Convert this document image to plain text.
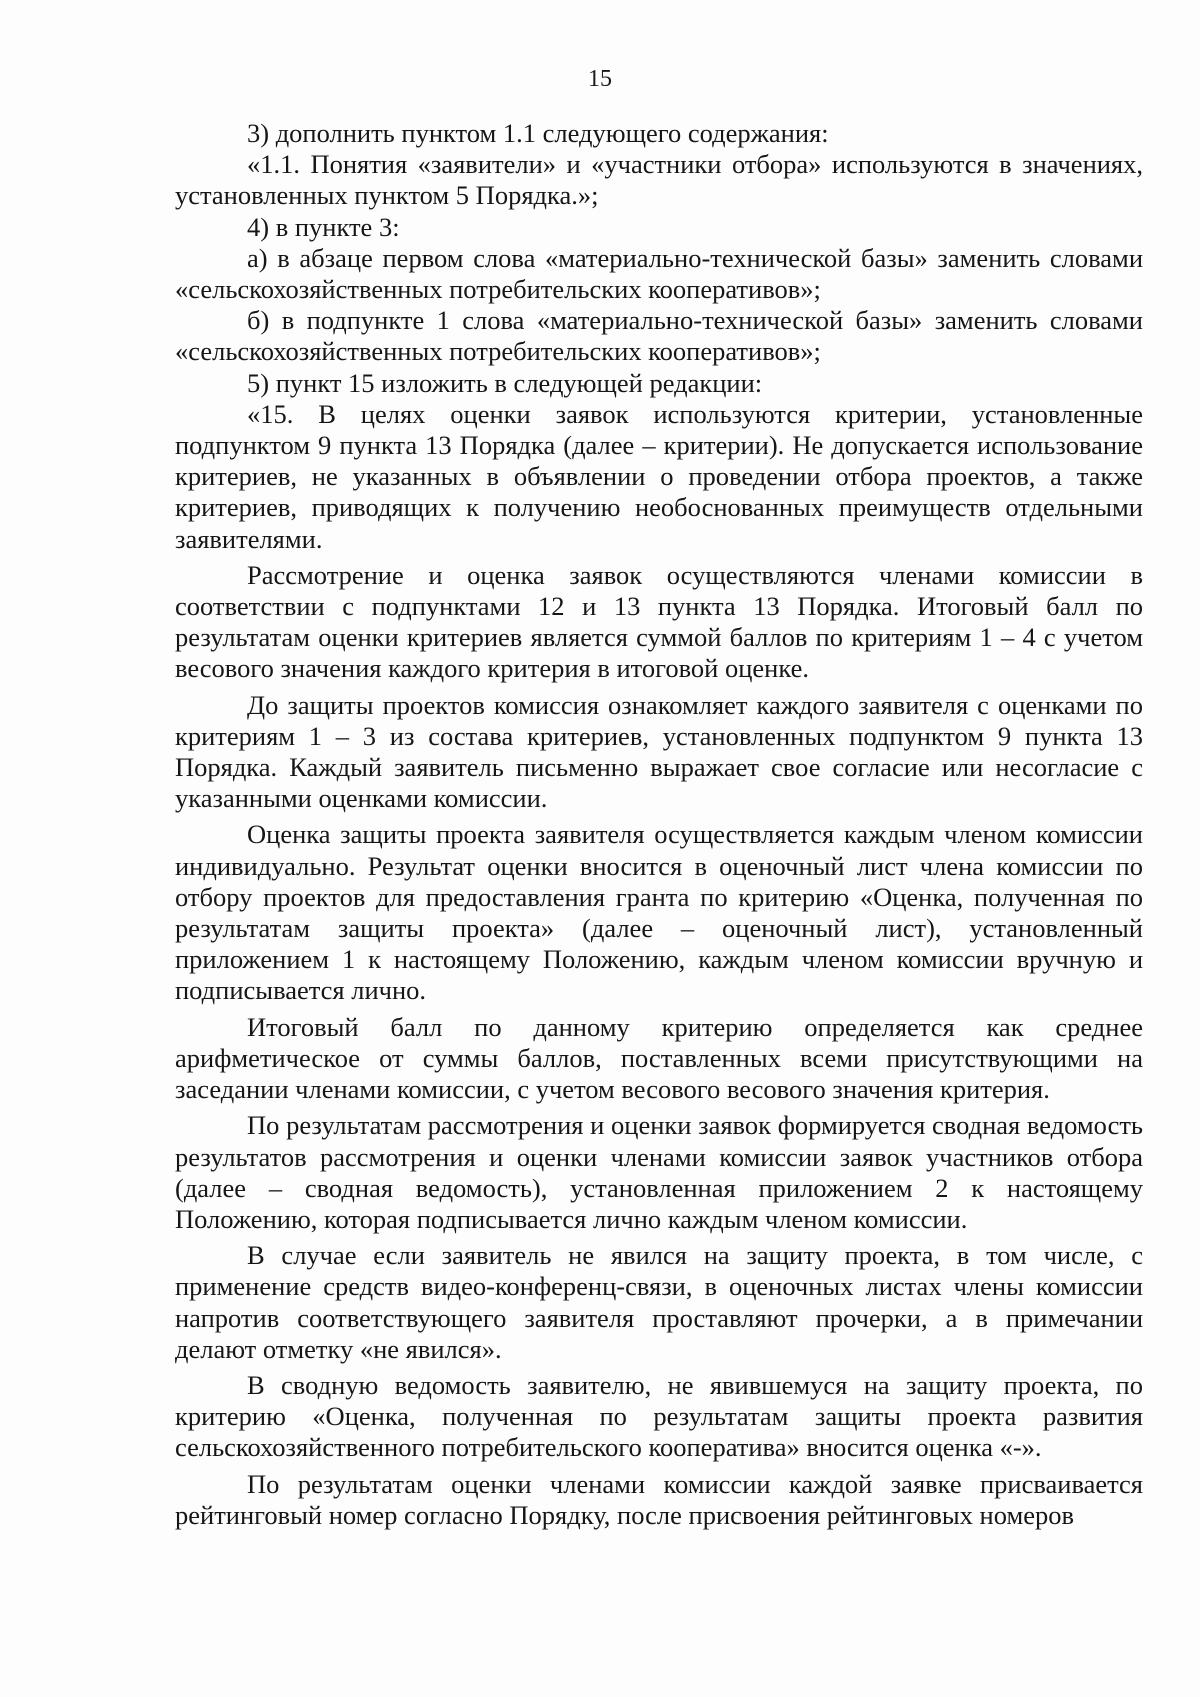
15

3) дополнить пунктом 1.1 следующего содержания:

«1.1. Понятия «заявители» и «участники отбора» используются в значениях, установленных пунктом 5 Порядка.»;

4) в пункте 3:

а) в абзаце первом слова «материально-технической базы» заменить словами «сельскохозяйственных потребительских кооперативов»;

б) в подпункте 1 слова «материально-технической базы» заменить словами «сельскохозяйственных потребительских кооперативов»;

5) пункт 15 изложить в следующей редакции:

«15. В целях оценки заявок используются критерии, установленные подпунктом 9 пункта 13 Порядка (далее – критерии). Не допускается использование критериев, не указанных в объявлении о проведении отбора проектов, а также критериев, приводящих к получению необоснованных преимуществ отдельными заявителями.

Рассмотрение и оценка заявок осуществляются членами комиссии в соответствии с подпунктами 12 и 13 пункта 13 Порядка. Итоговый балл по результатам оценки критериев является суммой баллов по критериям 1 – 4 с учетом весового значения каждого критерия в итоговой оценке.

До защиты проектов комиссия ознакомляет каждого заявителя с оценками по критериям 1 – 3 из состава критериев, установленных подпунктом 9 пункта 13 Порядка. Каждый заявитель письменно выражает свое согласие или несогласие с указанными оценками комиссии.

Оценка защиты проекта заявителя осуществляется каждым членом комиссии индивидуально. Результат оценки вносится в оценочный лист члена комиссии по отбору проектов для предоставления гранта по критерию «Оценка, полученная по результатам защиты проекта» (далее – оценочный лист), установленный приложением 1 к настоящему Положению, каждым членом комиссии вручную и подписывается лично.

Итоговый балл по данному критерию определяется как среднее арифметическое от суммы баллов, поставленных всеми присутствующими на заседании членами комиссии, с учетом весового весового значения критерия.

По результатам рассмотрения и оценки заявок формируется сводная ведомость результатов рассмотрения и оценки членами комиссии заявок участников отбора (далее – сводная ведомость), установленная приложением 2 к настоящему Положению, которая подписывается лично каждым членом комиссии.

В случае если заявитель не явился на защиту проекта, в том числе, с применение средств видео-конференц-связи, в оценочных листах члены комиссии напротив соответствующего заявителя проставляют прочерки, а в примечании делают отметку «не явился».

В сводную ведомость заявителю, не явившемуся на защиту проекта, по критерию «Оценка, полученная по результатам защиты проекта развития сельскохозяйственного потребительского кооператива» вносится оценка «-».

По результатам оценки членами комиссии каждой заявке присваивается рейтинговый номер согласно Порядку, после присвоения рейтинговых номеров
